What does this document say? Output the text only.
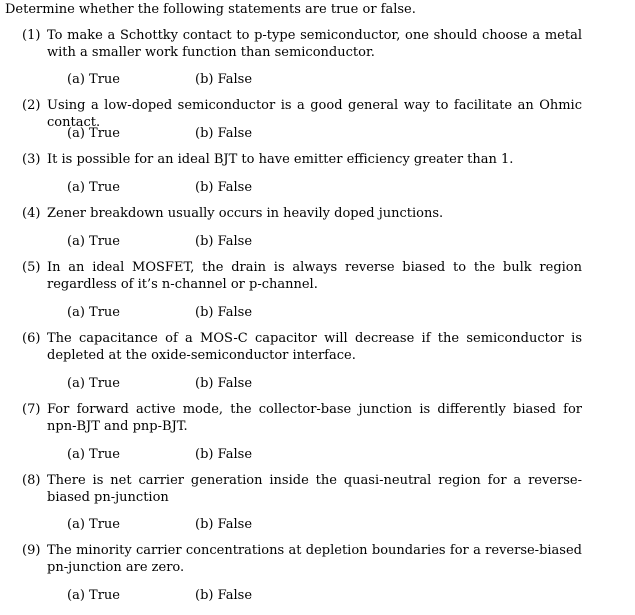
Determine whether the following statements are true or false.
(1) To make a Schottky contact to p-type semiconductor, one should choose a metal with a smaller work function than semiconductor.
(a) True	(b) False
(2) Using a low-doped semiconductor is a good general way to facilitate an Ohmic contact.
(a) True	(b) False
(3) It is possible for an ideal BJT to have emitter efficiency greater than 1.
(a) True	(b) False
(4) Zener breakdown usually occurs in heavily doped junctions.
(a) True	(b) False
(5) In an ideal MOSFET, the drain is always reverse biased to the bulk region regardless of it’s n-channel or p-channel.
(a) True	(b) False
(6) The capacitance of a MOS-C capacitor will decrease if the semiconductor is depleted at the oxide-semiconductor interface.
(a) True	(b) False
(7) For forward active mode, the collector-base junction is differently biased for npn-BJT and pnp-BJT.
(a) True	(b) False
(8) There is net carrier generation inside the quasi-neutral region for a reverse-biased pn-junction
(a) True	(b) False
(9) The minority carrier concentrations at depletion boundaries for a reverse-biased pn-junction are zero.
(a) True	(b) False
